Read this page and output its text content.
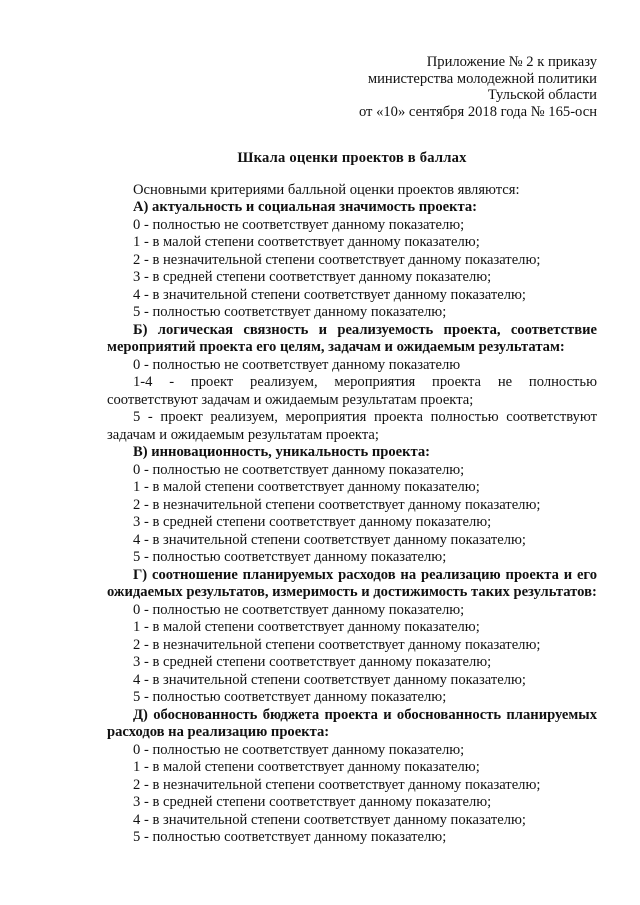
Приложение № 2 к приказу
министерства молодежной политики
Тульской области
от «10» сентября 2018 года № 165-осн
Шкала оценки проектов в баллах
Основными критериями балльной оценки проектов являются:
А) актуальность и социальная значимость проекта:
0 - полностью не соответствует данному показателю;
1 - в малой степени соответствует данному показателю;
2 - в незначительной степени соответствует данному показателю;
3 - в средней степени соответствует данному показателю;
4 - в значительной степени соответствует данному показателю;
5 - полностью соответствует данному показателю;
Б) логическая связность и реализуемость проекта, соответствие мероприятий проекта его целям, задачам и ожидаемым результатам:
0 - полностью не соответствует данному показателю
1-4 - проект реализуем, мероприятия проекта не полностью соответствуют задачам и ожидаемым результатам проекта;
5 - проект реализуем, мероприятия проекта полностью соответствуют задачам и ожидаемым результатам проекта;
В) инновационность, уникальность проекта:
0 - полностью не соответствует данному показателю;
1 - в малой степени соответствует данному показателю;
2 - в незначительной степени соответствует данному показателю;
3 - в средней степени соответствует данному показателю;
4 - в значительной степени соответствует данному показателю;
5 - полностью соответствует данному показателю;
Г) соотношение планируемых расходов на реализацию проекта и его ожидаемых результатов, измеримость и достижимость таких результатов:
0 - полностью не соответствует данному показателю;
1 - в малой степени соответствует данному показателю;
2 - в незначительной степени соответствует данному показателю;
3 - в средней степени соответствует данному показателю;
4 - в значительной степени соответствует данному показателю;
5 - полностью соответствует данному показателю;
Д) обоснованность бюджета проекта и обоснованность планируемых расходов на реализацию проекта:
0 - полностью не соответствует данному показателю;
1 - в малой степени соответствует данному показателю;
2 - в незначительной степени соответствует данному показателю;
3 - в средней степени соответствует данному показателю;
4 - в значительной степени соответствует данному показателю;
5 - полностью соответствует данному показателю;
